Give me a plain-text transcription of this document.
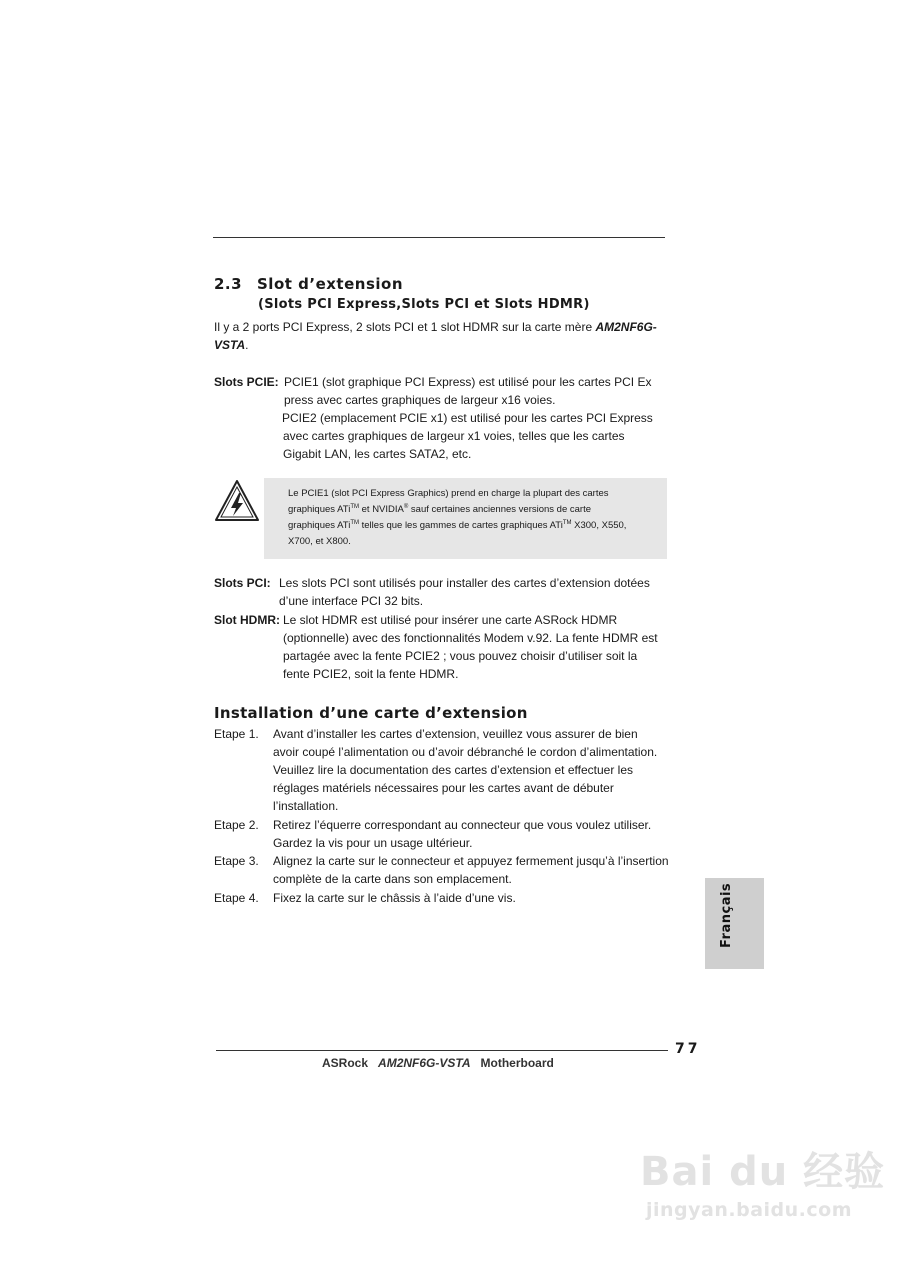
2.3 Slot d’extension
(Slots PCI Express,Slots PCI et Slots HDMR)
Il y a 2 ports PCI Express, 2 slots PCI et 1 slot HDMR sur la carte mère AM2NF6G-
VSTA.
Slots PCIE: PCIE1 (slot graphique PCI Express) est utilisé pour les cartes PCI Ex
press avec cartes graphiques de largeur x16 voies.
PCIE2 (emplacement PCIE x1) est utilisé pour les cartes PCI Express
avec cartes graphiques de largeur x1 voies, telles que les cartes
Gigabit LAN, les cartes SATA2, etc.
Le PCIE1 (slot PCI Express Graphics) prend en charge la plupart des cartes
graphiques ATi™ et NVIDIA® sauf certaines anciennes versions de carte
graphiques ATi™ telles que les gammes de cartes graphiques ATi™ X300, X550,
X700, et X800.
Slots PCI: Les slots PCI sont utilisés pour installer des cartes d’extension dotées
d’une interface PCI 32 bits.
Slot HDMR: Le slot HDMR est utilisé pour insérer une carte ASRock HDMR
(optionnelle) avec des fonctionnalités Modem v.92. La fente HDMR est
partagée avec la fente PCIE2 ; vous pouvez choisir d’utiliser soit la
fente PCIE2, soit la fente HDMR.
Installation d’une carte d’extension
Etape 1. Avant d’installer les cartes d’extension, veuillez vous assurer de bien
avoir coupé l’alimentation ou d’avoir débranché le cordon d’alimentation.
Veuillez lire la documentation des cartes d’extension et effectuer les
réglages matériels nécessaires pour les cartes avant de débuter
l’installation.
Etape 2. Retirez l’équerre correspondant au connecteur que vous voulez utiliser.
Gardez la vis pour un usage ultérieur.
Etape 3. Alignez la carte sur le connecteur et appuyez fermement jusqu’à l’insertion
complète de la carte dans son emplacement.
Etape 4. Fixez la carte sur le châssis à l’aide d’une vis.	Français
77
ASRock AM2NF6G-VSTA Motherboard
Bai du 经验
jingyan.baidu.com
